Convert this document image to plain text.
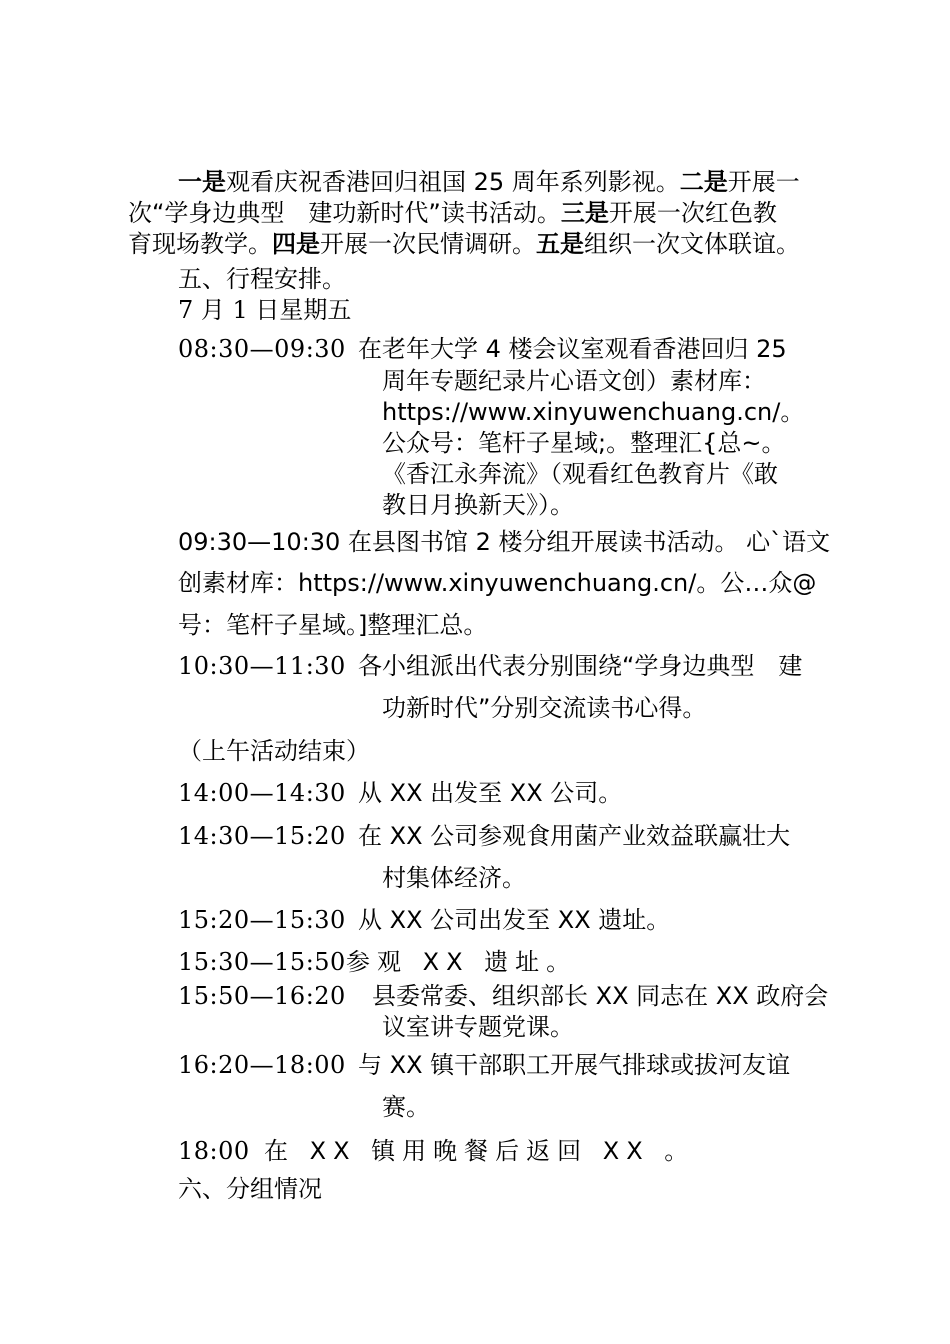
一是观看庆祝香港回归祖国 25 周年系列影视。二是开展一
次“学身边典型　建功新时代”读书活动。三是开展一次红色教
育现场教学。四是开展一次民情调研。五是组织一次文体联谊。
五、行程安排。
7 月 1 日星期五
08:30—09:30 在老年大学 4 楼会议室观看香港回归 25
周年专题纪录片心语文创）素材库：
https://www.xinyuwenchuang.cn/。
公众号：笔杆子星域;。整理汇{总~。
《香江永奔流》（观看红色教育片《敢
教日月换新天》）。
09:30—10:30 在县图书馆 2 楼分组开展读书活动。 心`语文
创素材库：https://www.xinyuwenchuang.cn/。公…众@
号：笔杆子星域。]整理汇总。
10:30—11:30 各小组派出代表分别围绕“学身边典型　建
功新时代”分别交流读书心得。
（上午活动结束）
14:00—14:30 从 XX 出发至 XX 公司。
14:30—15:20 在 XX 公司参观食用菌产业效益联赢壮大
村集体经济。
15:20—15:30 从 XX 公司出发至 XX 遗址。
15:30—15:50 参观 XX 遗址。
15:50—16:20 县委常委、组织部长 XX 同志在 XX 政府会
议室讲专题党课。
16:20—18:00 与 XX 镇干部职工开展气排球或拔河友谊
赛。
18:00 在 XX 镇用晚餐后返回 XX 。
六、分组情况
